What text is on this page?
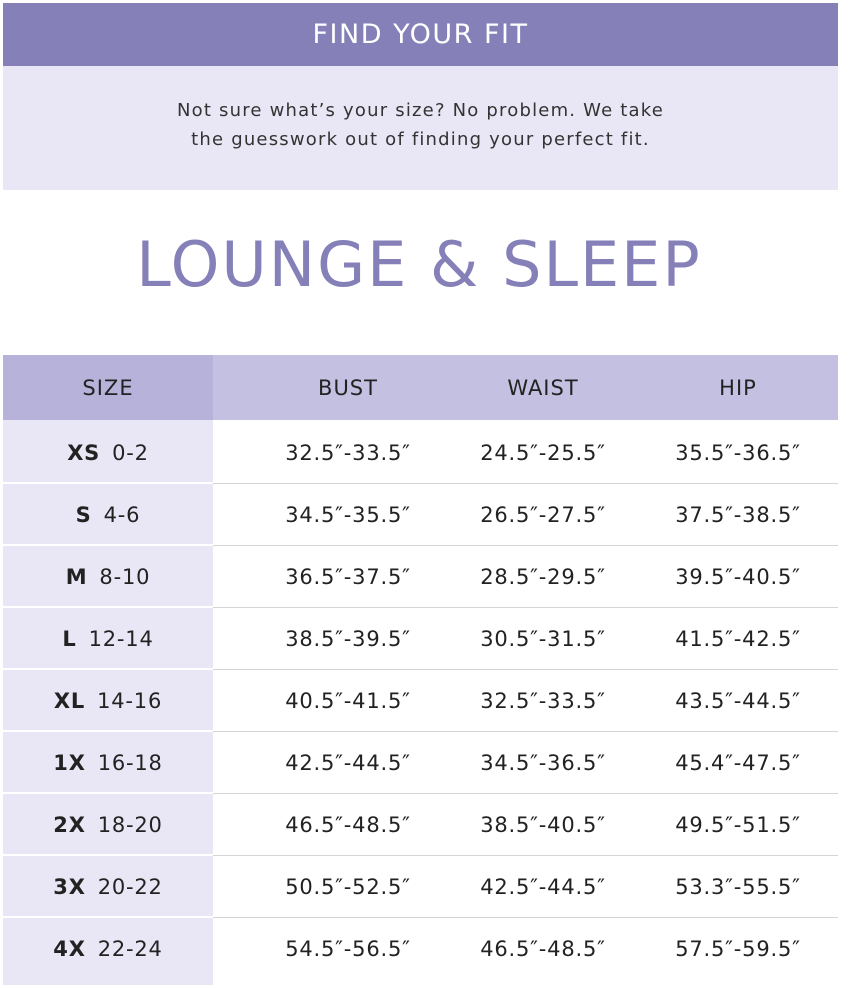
FIND YOUR FIT
Not sure what’s your size? No problem. We take
the guesswork out of finding your perfect fit.
LOUNGE & SLEEP
SIZE	BUST	WAIST	HIP
XS 0-2	32.5″-33.5″	24.5″-25.5″	35.5″-36.5″
S 4-6	34.5″-35.5″	26.5″-27.5″	37.5″-38.5″
M 8-10	36.5″-37.5″	28.5″-29.5″	39.5″-40.5″
L 12-14	38.5″-39.5″	30.5″-31.5″	41.5″-42.5″
XL 14-16	40.5″-41.5″	32.5″-33.5″	43.5″-44.5″
1X 16-18	42.5″-44.5″	34.5″-36.5″	45.4″-47.5″
2X 18-20	46.5″-48.5″	38.5″-40.5″	49.5″-51.5″
3X 20-22	50.5″-52.5″	42.5″-44.5″	53.3″-55.5″
4X 22-24	54.5″-56.5″	46.5″-48.5″	57.5″-59.5″
